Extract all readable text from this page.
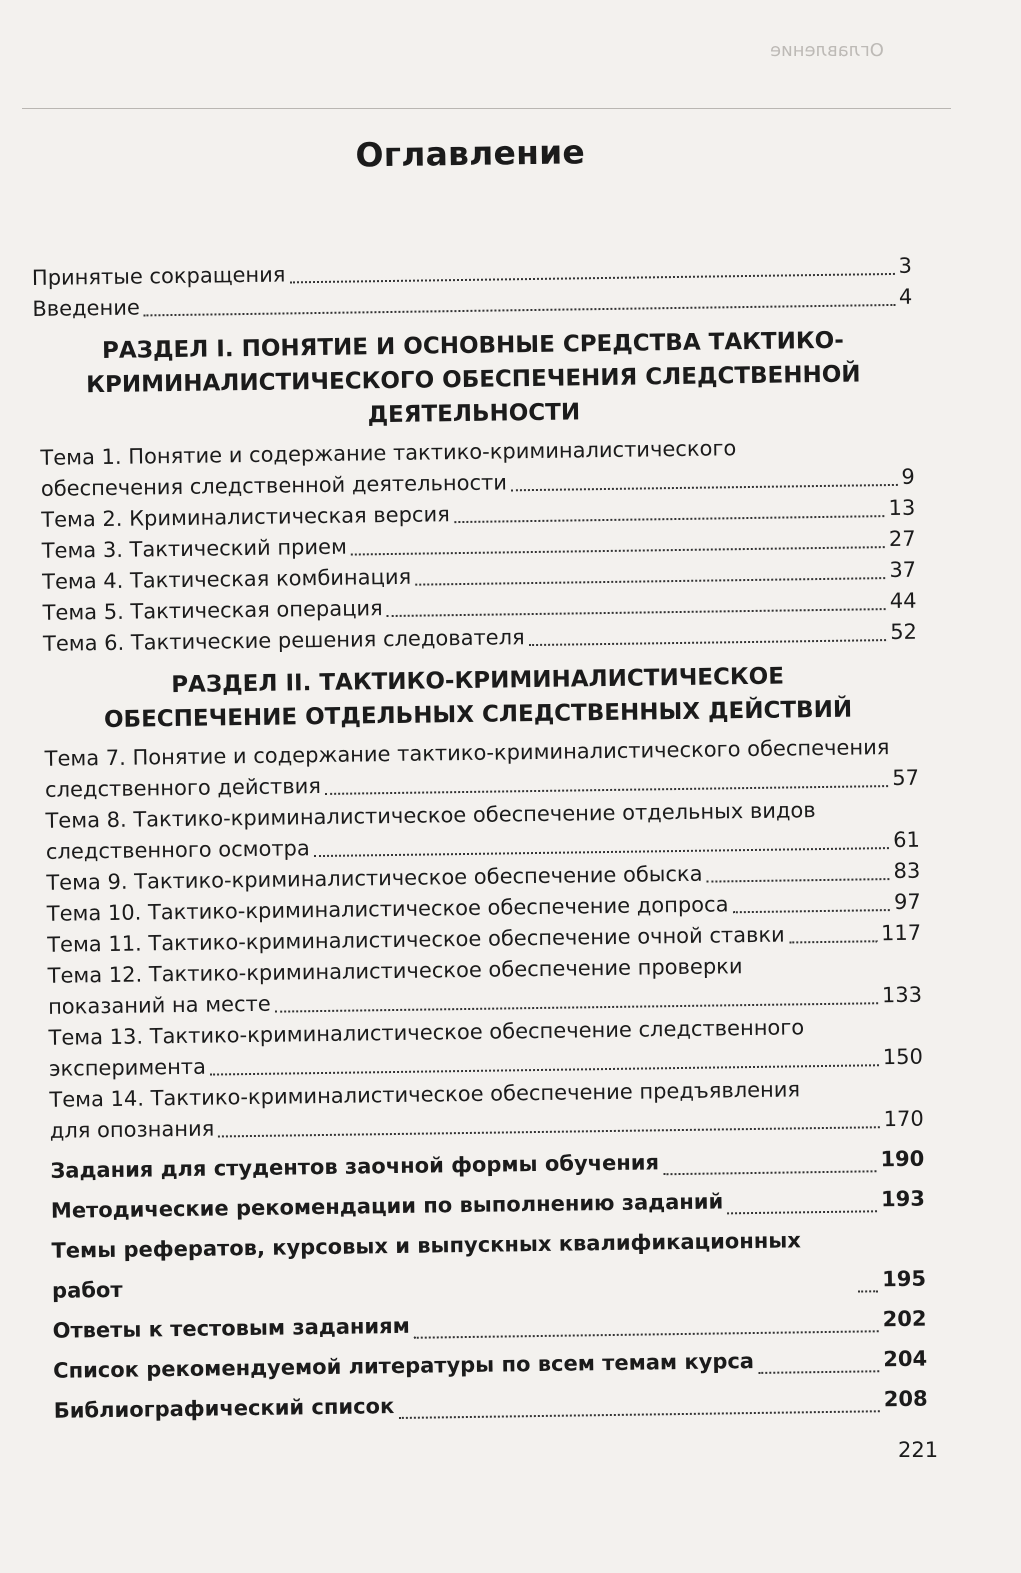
Оглавление
Оглавление
Принятые сокращения	3
Введение	4
РАЗДЕЛ I. ПОНЯТИЕ И ОСНОВНЫЕ СРЕДСТВА ТАКТИКО-КРИМИНАЛИСТИЧЕСКОГО ОБЕСПЕЧЕНИЯ СЛЕДСТВЕННОЙ ДЕЯТЕЛЬНОСТИ
Тема 1. Понятие и содержание тактико-криминалистического
обеспечения следственной деятельности	9
Тема 2. Криминалистическая версия	13
Тема 3. Тактический прием	27
Тема 4. Тактическая комбинация	37
Тема 5. Тактическая операция	44
Тема 6. Тактические решения следователя	52
РАЗДЕЛ II. ТАКТИКО-КРИМИНАЛИСТИЧЕСКОЕ ОБЕСПЕЧЕНИЕ ОТДЕЛЬНЫХ СЛЕДСТВЕННЫХ ДЕЙСТВИЙ
Тема 7. Понятие и содержание тактико-криминалистического обеспечения
следственного действия	57
Тема 8. Тактико-криминалистическое обеспечение отдельных видов
следственного осмотра	61
Тема 9. Тактико-криминалистическое обеспечение обыска	83
Тема 10. Тактико-криминалистическое обеспечение допроса	97
Тема 11. Тактико-криминалистическое обеспечение очной ставки	117
Тема 12. Тактико-криминалистическое обеспечение проверки
показаний на месте	133
Тема 13. Тактико-криминалистическое обеспечение следственного
эксперимента	150
Тема 14. Тактико-криминалистическое обеспечение предъявления
для опознания	170
Задания для студентов заочной формы обучения	190
Методические рекомендации по выполнению заданий	193
Темы рефератов, курсовых и выпускных квалификационных работ	195
Ответы к тестовым заданиям	202
Список рекомендуемой литературы по всем темам курса	204
Библиографический список	208
221
